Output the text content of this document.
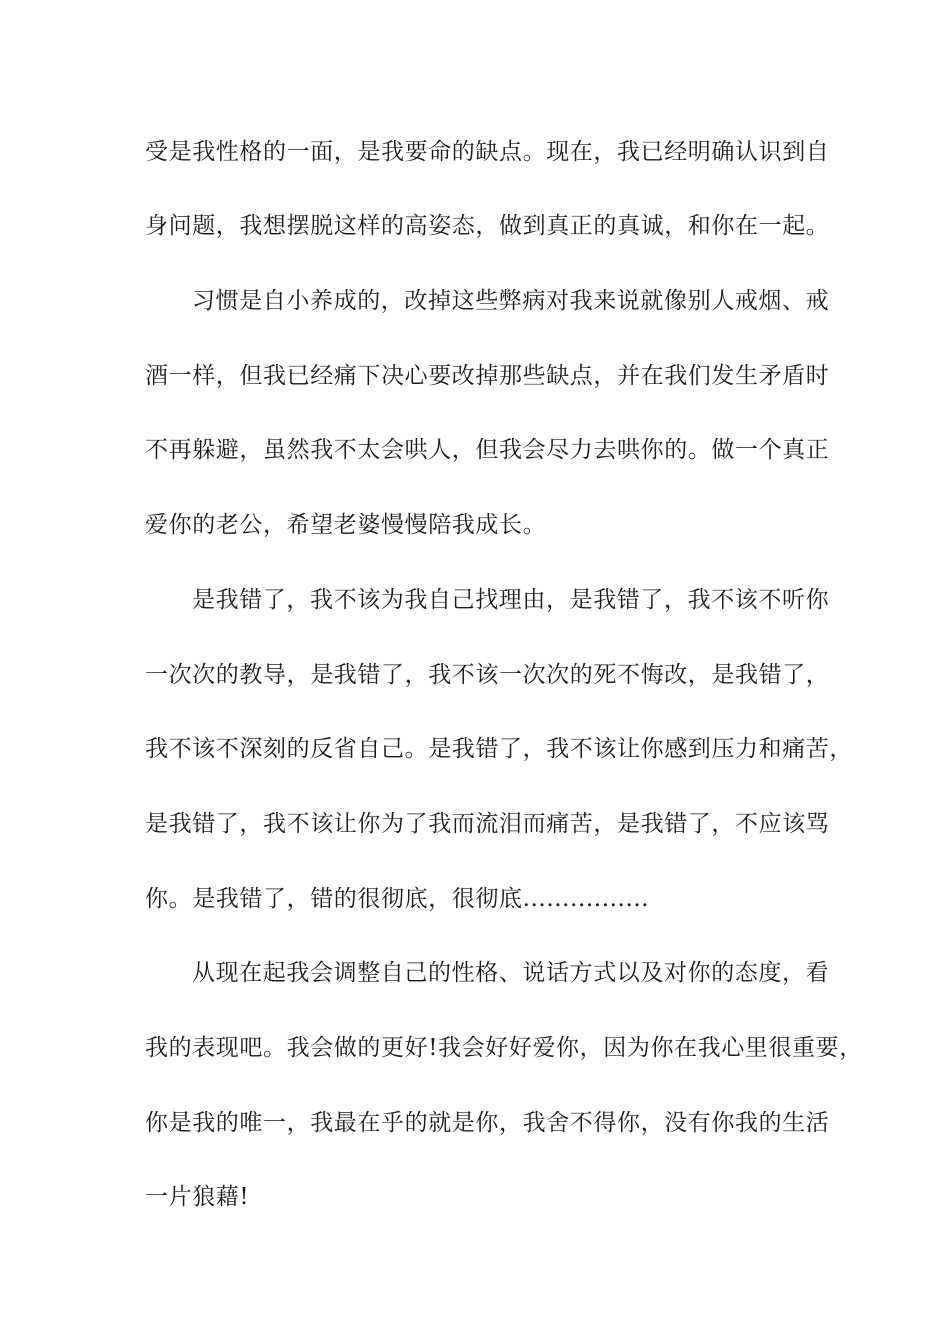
受是我性格的一面，是我要命的缺点。现在，我已经明确认识到自
身问题，我想摆脱这样的高姿态，做到真正的真诚，和你在一起。
习惯是自小养成的，改掉这些弊病对我来说就像别人戒烟、戒
酒一样，但我已经痛下决心要改掉那些缺点，并在我们发生矛盾时
不再躲避，虽然我不太会哄人，但我会尽力去哄你的。做一个真正
爱你的老公，希望老婆慢慢陪我成长。
是我错了，我不该为我自己找理由，是我错了，我不该不听你
一次次的教导，是我错了，我不该一次次的死不悔改，是我错了，
我不该不深刻的反省自己。是我错了，我不该让你感到压力和痛苦，
是我错了，我不该让你为了我而流泪而痛苦，是我错了，不应该骂
你。是我错了，错的很彻底，很彻底................
从现在起我会调整自己的性格、说话方式以及对你的态度，看
我的表现吧。我会做的更好!我会好好爱你，因为你在我心里很重要，
你是我的唯一，我最在乎的就是你，我舍不得你，没有你我的生活
一片狼藉!
